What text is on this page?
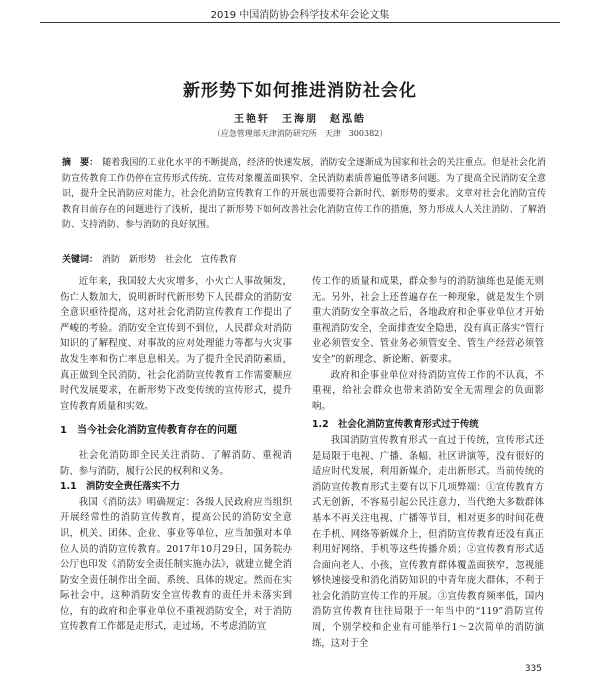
2019 中国消防协会科学技术年会论文集
新形势下如何推进消防社会化
王艳轩　王海朋　赵泓皓
（应急管理部天津消防研究所　天津　300382）
摘　要： 随着我国的工业化水平的不断提高，经济的快速发展，消防安全逐渐成为国家和社会的关注重点。但是社会化消防宣传教育工作仍停在宣传形式传统、宣传对象覆盖面狭窄、全民消防素质普遍低等诸多问题。为了提高全民消防安全意识，提升全民消防应对能力，社会化消防宣传教育工作的开展也需要符合新时代、新形势的要求。文章对社会化消防宣传教育目前存在的问题进行了浅析，提出了新形势下如何改善社会化消防宣传工作的措施，努力形成人人关注消防、了解消防、支持消防、参与消防的良好氛围。
关键词： 消防　新形势　社会化　宣传教育

近年来，我国较大火灾增多，小火亡人事故频发，伤亡人数加大，说明新时代新形势下人民群众的消防安全意识亟待提高，这对社会化消防宣传教育工作提出了严峻的考验。消防安全宣传到不到位，人民群众对消防知识的了解程度、对事故的应对处理能力等都与火灾事故发生率和伤亡率息息相关。为了提升全民消防素质，真正做到全民消防，社会化消防宣传教育工作需要顺应时代发展要求，在新形势下改变传统的宣传形式，提升宣传教育质量和实效。

1　当今社会化消防宣传教育存在的问题

社会化消防即全民关注消防、了解消防、重视消防、参与消防，履行公民的权利和义务。

1.1　消防安全责任落实不力

我国《消防法》明确规定：各级人民政府应当组织开展经常性的消防宣传教育，提高公民的消防安全意识，机关、团体、企业、事业等单位，应当加强对本单位人员的消防宣传教育。2017年10月29日，国务院办公厅也印发《消防安全责任制实施办法》，就建立健全消防安全责任制作出全面、系统、具体的规定。然而在实际社会中，这种消防安全宣传教育的责任并未落实到位，有的政府和企事业单位不重视消防安全，对于消防宣传教育工作都是走形式，走过场，不考虑消防宣

传工作的质量和成果，群众参与的消防演练也是能无则无。另外，社会上还普遍存在一种现象，就是发生个别重大消防安全事故之后，各地政府和企事业单位才开始重视消防安全，全面排查安全隐患，没有真正落实“管行业必须管安全、管业务必须管安全、管生产经营必须管安全”的新理念、新论断、新要求。

政府和企事业单位对待消防宣传工作的不认真，不重视，给社会群众也带来消防安全无需理会的负面影响。

1.2　社会化消防宣传教育形式过于传统

我国消防宣传教育形式一直过于传统，宣传形式还是局限于电视、广播、条幅、社区讲演等，没有很好的适应时代发展，利用新媒介，走出新形式。当前传统的消防宣传教育形式主要有以下几项弊端：①宣传教育方式无创新，不容易引起公民注意力，当代绝大多数群体基本不再关注电视、广播等节目，相对更多的时间花费在手机、网络等新媒介上，但消防宣传教育还没有真正利用好网络、手机等这些传播介质；②宣传教育形式适合面向老人、小孩，宣传教育群体覆盖面狭窄，忽视能够快速接受和消化消防知识的中青年庞大群体，不利于社会化消防宣传工作的开展。③宣传教育频率低，国内消防宣传教育往往局限于一年当中的“119”消防宣传周，个别学校和企业有可能举行1～2次简单的消防演练，这对于全

335
